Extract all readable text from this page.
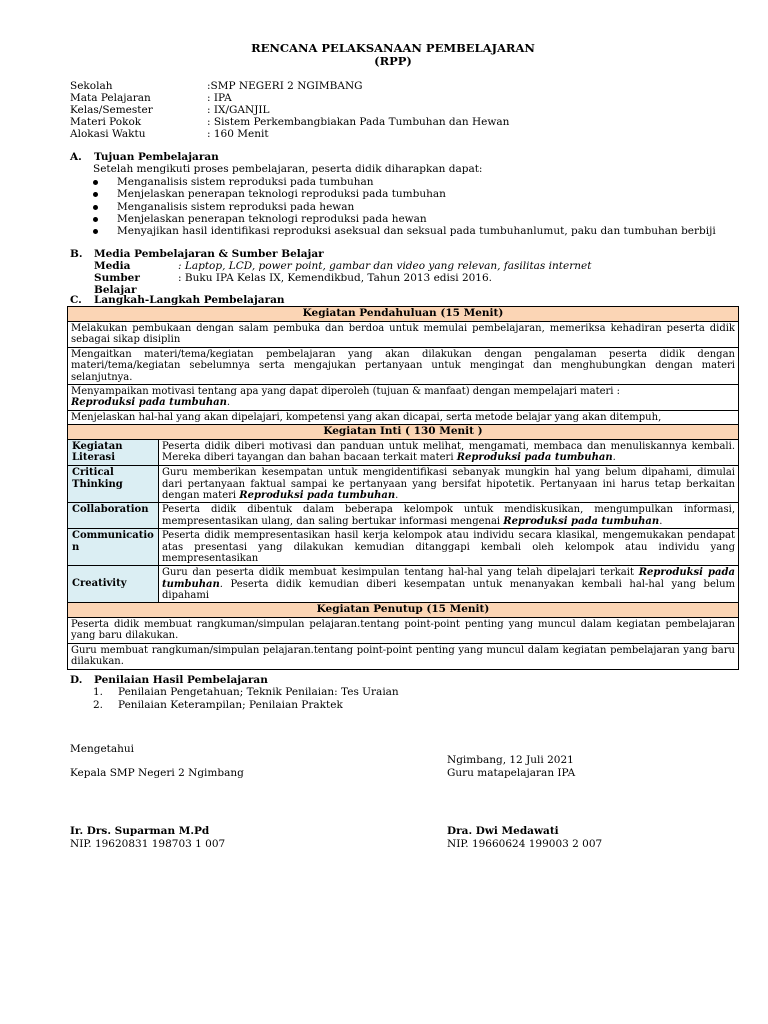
RENCANA PELAKSANAAN PEMBELAJARAN
(RPP)
Sekolah	:SMP NEGERI 2 NGIMBANG
Mata Pelajaran	: IPA
Kelas/Semester	: IX/GANJIL
Materi Pokok	: Sistem Perkembangbiakan Pada Tumbuhan dan Hewan
Alokasi Waktu	: 160 Menit
A. Tujuan Pembelajaran
Setelah mengikuti proses pembelajaran, peserta didik diharapkan dapat:
Menganalisis sistem reproduksi pada tumbuhan
Menjelaskan penerapan teknologi reproduksi pada tumbuhan
Menganalisis sistem reproduksi pada hewan
Menjelaskan penerapan teknologi reproduksi pada hewan
Menyajikan hasil identifikasi reproduksi aseksual dan seksual pada tumbuhanlumut, paku dan tumbuhan berbiji
B. Media Pembelajaran & Sumber Belajar
Media	: Laptop, LCD, power point, gambar dan video yang relevan, fasilitas internet
Sumber Belajar
: Buku IPA Kelas IX, Kemendikbud, Tahun 2013 edisi 2016.
C. Langkah-Langkah Pembelajaran
Kegiatan Pendahuluan (15 Menit)	

Melakukan pembukaan dengan salam pembuka dan berdoa untuk memulai pembelajaran, memeriksa kehadiran peserta didik sebagai sikap disiplin	

Mengaitkan materi/tema/kegiatan pembelajaran yang akan dilakukan dengan pengalaman peserta didik dengan materi/tema/kegiatan sebelumnya serta mengajukan pertanyaan untuk mengingat dan menghubungkan dengan materi selanjutnya.	

Menyampaikan motivasi tentang apa yang dapat diperoleh (tujuan & manfaat) dengan mempelajari materi :
Reproduksi pada tumbuhan.	

Menjelaskan hal-hal yang akan dipelajari, kompetensi yang akan dicapai, serta metode belajar yang akan ditempuh,	

Kegiatan Inti ( 130 Menit )	
Kegiatan Literasi	Peserta didik diberi motivasi dan panduan untuk melihat, mengamati, membaca dan menuliskannya kembali. Mereka diberi tayangan dan bahan bacaan terkait materi Reproduksi pada tumbuhan.

Critical Thinking	Guru memberikan kesempatan untuk mengidentifikasi sebanyak mungkin hal yang belum dipahami, dimulai dari pertanyaan faktual sampai ke pertanyaan yang bersifat hipotetik. Pertanyaan ini harus tetap berkaitan dengan materi Reproduksi pada tumbuhan.

Collaboration	Peserta didik dibentuk dalam beberapa kelompok untuk mendiskusikan, mengumpulkan informasi, mempresentasikan ulang, dan saling bertukar informasi mengenai Reproduksi pada tumbuhan.

Communication	Peserta didik mempresentasikan hasil kerja kelompok atau individu secara klasikal, mengemukakan pendapat atas presentasi yang dilakukan kemudian ditanggapi kembali oleh kelompok atau individu yang mempresentasikan

Creativity	Guru dan peserta didik membuat kesimpulan tentang hal-hal yang telah dipelajari terkait Reproduksi pada tumbuhan. Peserta didik kemudian diberi kesempatan untuk menanyakan kembali hal-hal yang belum dipahami

Kegiatan Penutup (15 Menit)	

Peserta didik membuat rangkuman/simpulan pelajaran.tentang point-point penting yang muncul dalam kegiatan pembelajaran yang baru dilakukan.	

Guru membuat rangkuman/simpulan pelajaran.tentang point-point penting yang muncul dalam kegiatan pembelajaran yang baru dilakukan.	
D. Penilaian Hasil Pembelajaran
1.	Penilaian Pengetahuan; Teknik Penilaian: Tes Uraian
2.	Penilaian Keterampilan; Penilaian Praktek
Mengetahui
Ngimbang, 12 Juli 2021
Kepala SMP Negeri 2 Ngimbang	Guru matapelajaran IPA
Ir. Drs. Suparman M.Pd	Dra. Dwi Medawati
NIP. 19620831 198703 1 007	NIP. 19660624 199003 2 007
